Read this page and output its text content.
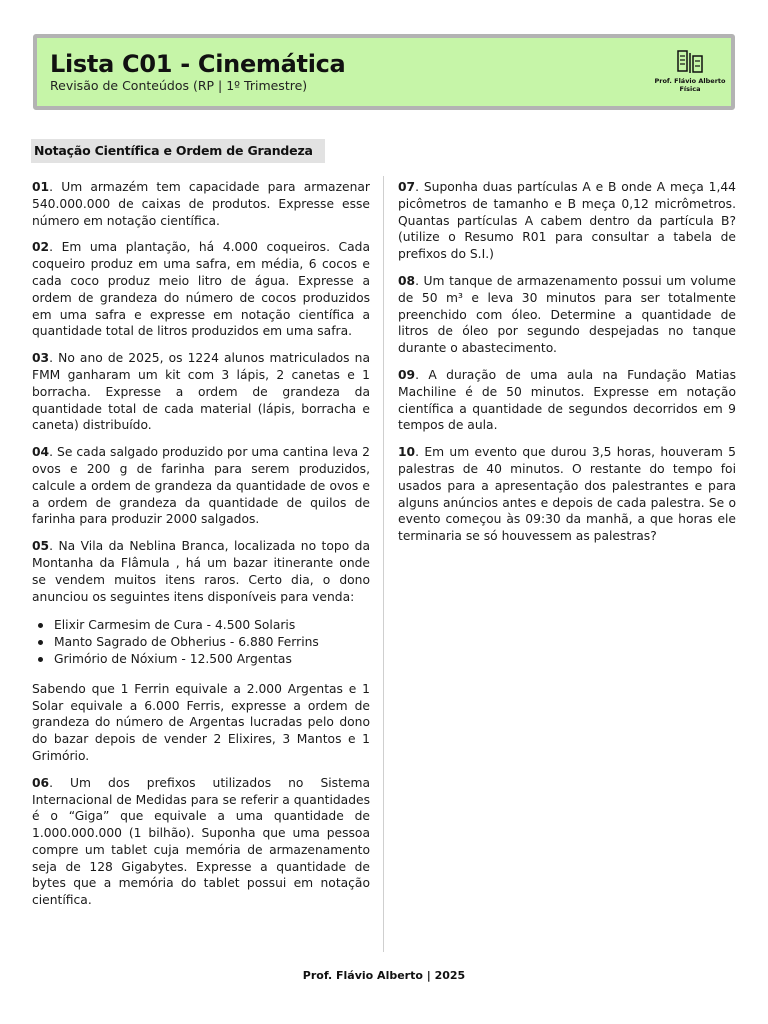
Lista C01 - Cinemática
Revisão de Conteúdos (RP | 1º Trimestre)	Prof. Flávio Alberto
Física
Notação Científica e Ordem de Grandeza

01. Um armazém tem capacidade para armazenar 540.000.000 de caixas de produtos. Expresse esse número em notação científica.

02. Em uma plantação, há 4.000 coqueiros. Cada coqueiro produz em uma safra, em média, 6 cocos e cada coco produz meio litro de água. Expresse a ordem de grandeza do número de cocos produzidos em uma safra e expresse em notação científica a quantidade total de litros produzidos em uma safra.

03. No ano de 2025, os 1224 alunos matriculados na FMM ganharam um kit com 3 lápis, 2 canetas e 1 borracha. Expresse a ordem de grandeza da quantidade total de cada material (lápis, borracha e caneta) distribuído.

04. Se cada salgado produzido por uma cantina leva 2 ovos e 200 g de farinha para serem produzidos, calcule a ordem de grandeza da quantidade de ovos e a ordem de grandeza da quantidade de quilos de farinha para produzir 2000 salgados.

05. Na Vila da Neblina Branca, localizada no topo da Montanha da Flâmula , há um bazar itinerante onde se vendem muitos itens raros. Certo dia, o dono anunciou os seguintes itens disponíveis para venda:

Elixir Carmesim de Cura - 4.500 Solaris
Manto Sagrado de Obherius - 6.880 Ferrins
Grimório de Nóxium - 12.500 Argentas

Sabendo que 1 Ferrin equivale a 2.000 Argentas e 1 Solar equivale a 6.000 Ferris, expresse a ordem de grandeza do número de Argentas lucradas pelo dono do bazar depois de vender 2 Elixires, 3 Mantos e 1 Grimório.

06. Um dos prefixos utilizados no Sistema Internacional de Medidas para se referir a quantidades é o “Giga” que equivale a uma quantidade de 1.000.000.000 (1 bilhão). Suponha que uma pessoa compre um tablet cuja memória de armazenamento seja de 128 Gigabytes. Expresse a quantidade de bytes que a memória do tablet possui em notação científica.

07. Suponha duas partículas A e B onde A meça 1,44 picômetros de tamanho e B meça 0,12 micrômetros. Quantas partículas A cabem dentro da partícula B? (utilize o Resumo R01 para consultar a tabela de prefixos do S.I.)

08. Um tanque de armazenamento possui um volume de 50 m³ e leva 30 minutos para ser totalmente preenchido com óleo. Determine a quantidade de litros de óleo por segundo despejadas no tanque durante o abastecimento.

09. A duração de uma aula na Fundação Matias Machiline é de 50 minutos. Expresse em notação científica a quantidade de segundos decorridos em 9 tempos de aula.

10. Em um evento que durou 3,5 horas, houveram 5 palestras de 40 minutos. O restante do tempo foi usados para a apresentação dos palestrantes e para alguns anúncios antes e depois de cada palestra. Se o evento começou às 09:30 da manhã, a que horas ele terminaria se só houvessem as palestras?

Prof. Flávio Alberto | 2025
